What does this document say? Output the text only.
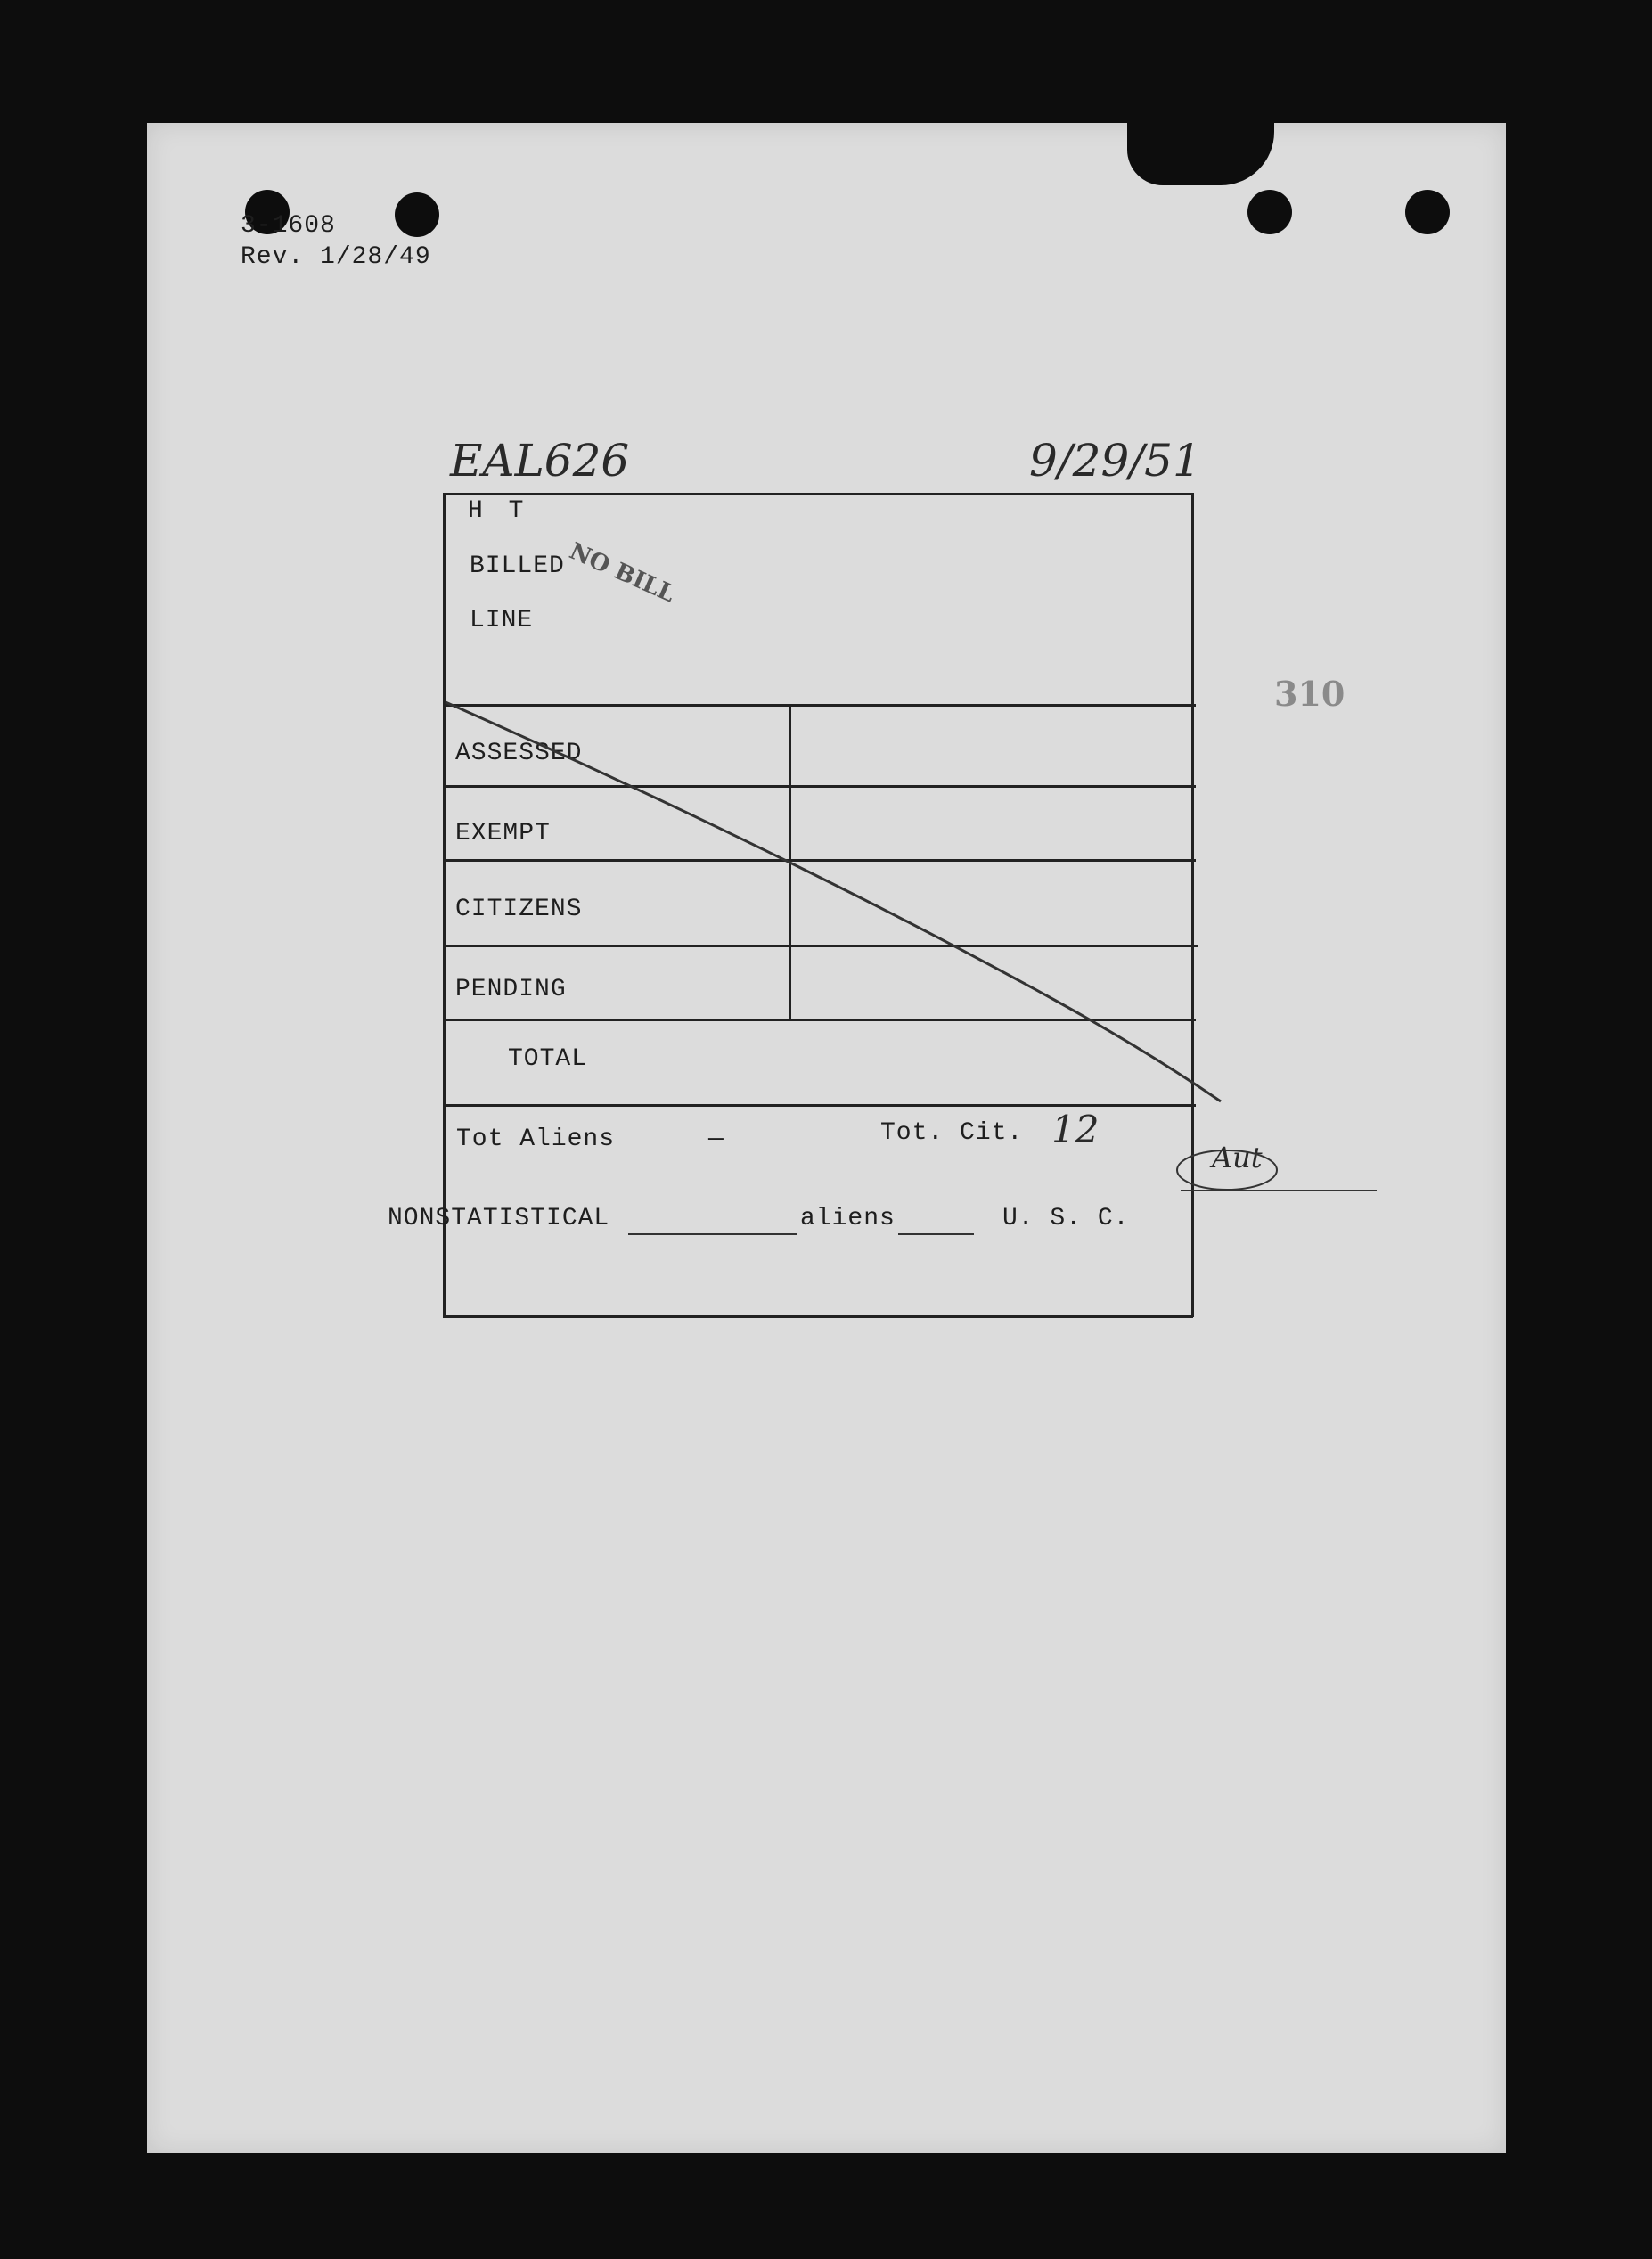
3-1608
Rev. 1/28/49
EAL626	9/29/51
NO BILL
310
H T
BILLED
LINE
ASSESSED
EXEMPT
CITIZENS
PENDING
TOTAL
Tot Aliens	—	Tot. Cit. 12
Aut
NONSTATISTICAL	aliens	U. S. C.
